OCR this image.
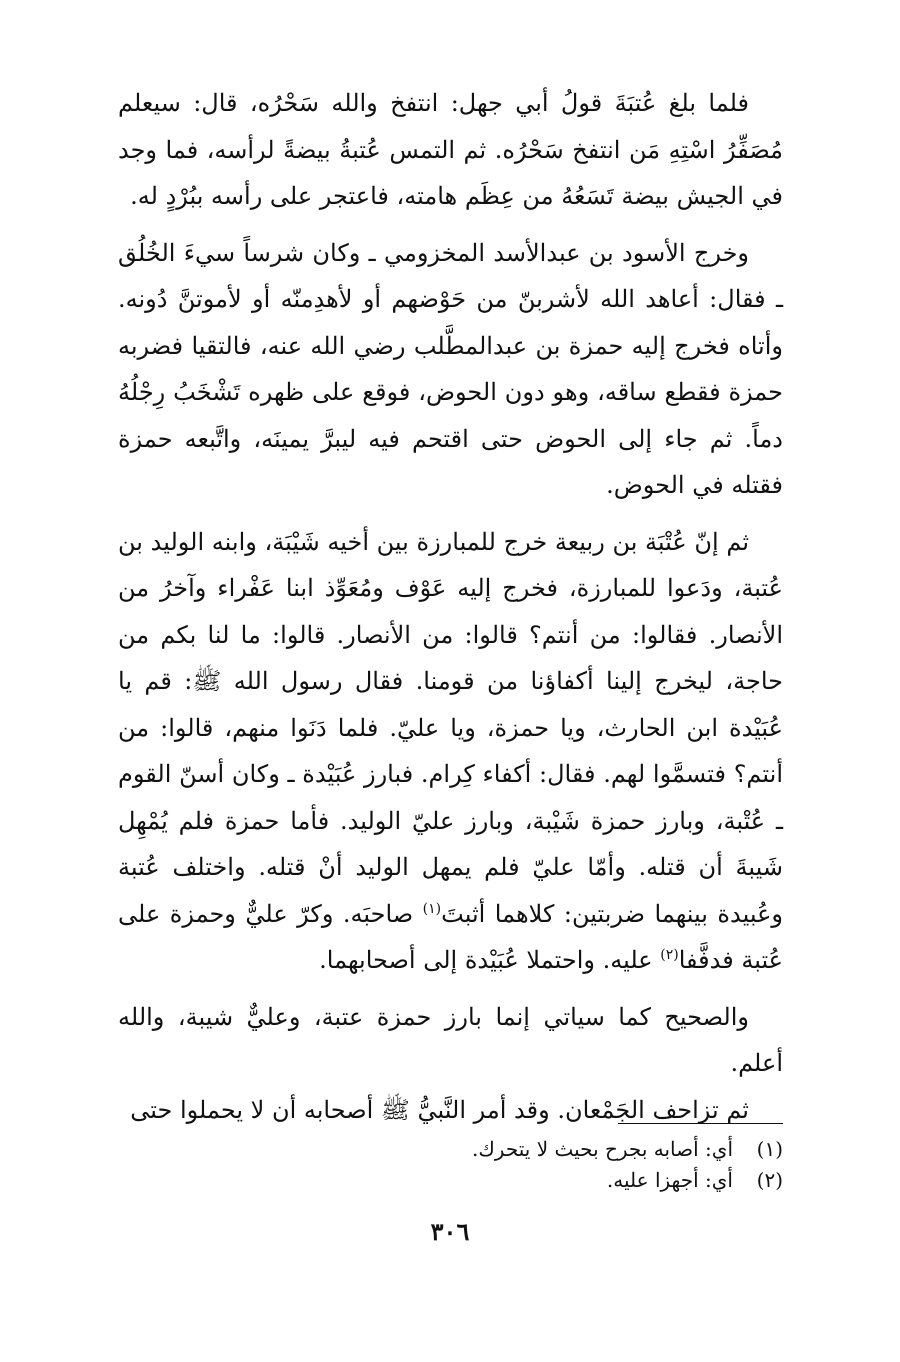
فلما بلغ عُتبَةَ قولُ أبي جهل: انتفخ والله سَحْرُه، قال: سيعلم مُصَفِّرُ اسْتِهِ مَن انتفخ سَحْرُه. ثم التمس عُتبةُ بيضةً لرأسه، فما وجد في الجيش بيضة تَسَعُهُ من عِظَم هامته، فاعتجر على رأسه ببُرْدٍ له.

وخرج الأسود بن عبدالأسد المخزومي ـ وكان شرساً سيءَ الخُلُق ـ فقال: أعاهد الله لأشربنّ من حَوْضهم أو لأهدِمنّه أو لأموتنَّ دُونه. وأتاه فخرج إليه حمزة بن عبدالمطَّلب رضي الله عنه، فالتقيا فضربه حمزة فقطع ساقه، وهو دون الحوض، فوقع على ظهره تَشْخَبُ رِجْلُهُ دماً. ثم جاء إلى الحوض حتى اقتحم فيه ليبرَّ يمينَه، واتَّبعه حمزة فقتله في الحوض.

ثم إنّ عُتْبَة بن ربيعة خرج للمبارزة بين أخيه شَيْبَة، وابنه الوليد بن عُتبة، ودَعوا للمبارزة، فخرج إليه عَوْف ومُعَوِّذ ابنا عَفْراء وآخرُ من الأنصار. فقالوا: من أنتم؟ قالوا: من الأنصار. قالوا: ما لنا بكم من حاجة، ليخرج إلينا أكفاؤنا من قومنا. فقال رسول الله ﷺ: قم يا عُبَيْدة ابن الحارث، ويا حمزة، ويا عليّ. فلما دَنَوا منهم، قالوا: من أنتم؟ فتسمَّوا لهم. فقال: أكفاء كِرام. فبارز عُبَيْدة ـ وكان أسنّ القوم ـ عُتْبة، وبارز حمزة شَيْبة، وبارز عليّ الوليد. فأما حمزة فلم يُمْهِل شَيبةَ أن قتله. وأمّا عليّ فلم يمهل الوليد أنْ قتله. واختلف عُتبة وعُبيدة بينهما ضربتين: كلاهما أثبتَ$^{(١)}$ صاحبَه. وكرّ عليٌّ وحمزة على عُتبة فدفَّفا$^{(٢)}$ عليه. واحتملا عُبَيْدة إلى أصحابهما.

والصحيح كما سياتي إنما بارز حمزة عتبة، وعليٌّ شيبة، والله أعلم.

ثم تزاحف الجَمْعان. وقد أمر النَّبيُّ ﷺ أصحابه أن لا يحملوا حتى

(١)
أي: أصابه بجرح بحيث لا يتحرك.
(٢)
أي: أجهزا عليه.
٣٠٦
